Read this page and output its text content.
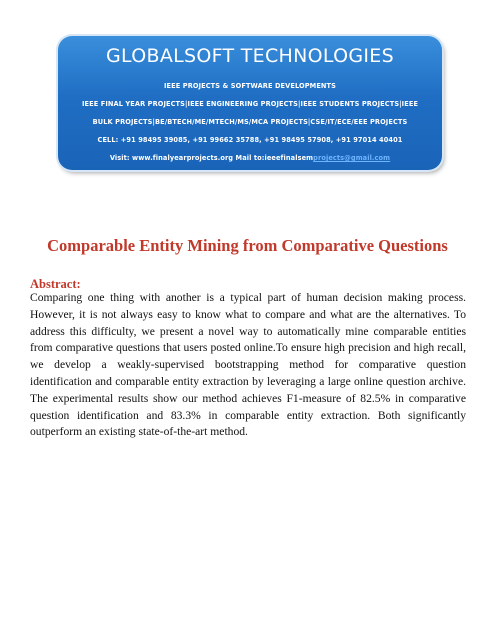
GLOBALSOFT TECHNOLOGIES
IEEE PROJECTS & SOFTWARE DEVELOPMENTS
IEEE FINAL YEAR PROJECTS|IEEE ENGINEERING PROJECTS|IEEE STUDENTS PROJECTS|IEEE
BULK PROJECTS|BE/BTECH/ME/MTECH/MS/MCA PROJECTS|CSE/IT/ECE/EEE PROJECTS
CELL: +91 98495 39085, +91 99662 35788, +91 98495 57908, +91 97014 40401
Visit: www.finalyearprojects.org Mail to:ieeefinalsemprojects@gmail.com
Comparable Entity Mining from Comparative Questions
Abstract:
Comparing one thing with another is a typical part of human decision making process. However, it is not always easy to know what to compare and what are the alternatives. To address this difficulty, we present a novel way to automatically mine comparable entities from comparative questions that users posted online.To ensure high precision and high recall, we develop a weakly-supervised bootstrapping method for comparative question identification and comparable entity extraction by leveraging a large online question archive. The experimental results show our method achieves F1-measure of 82.5% in comparative question identification and 83.3% in comparable entity extraction. Both significantly outperform an existing state-of-the-art method.
